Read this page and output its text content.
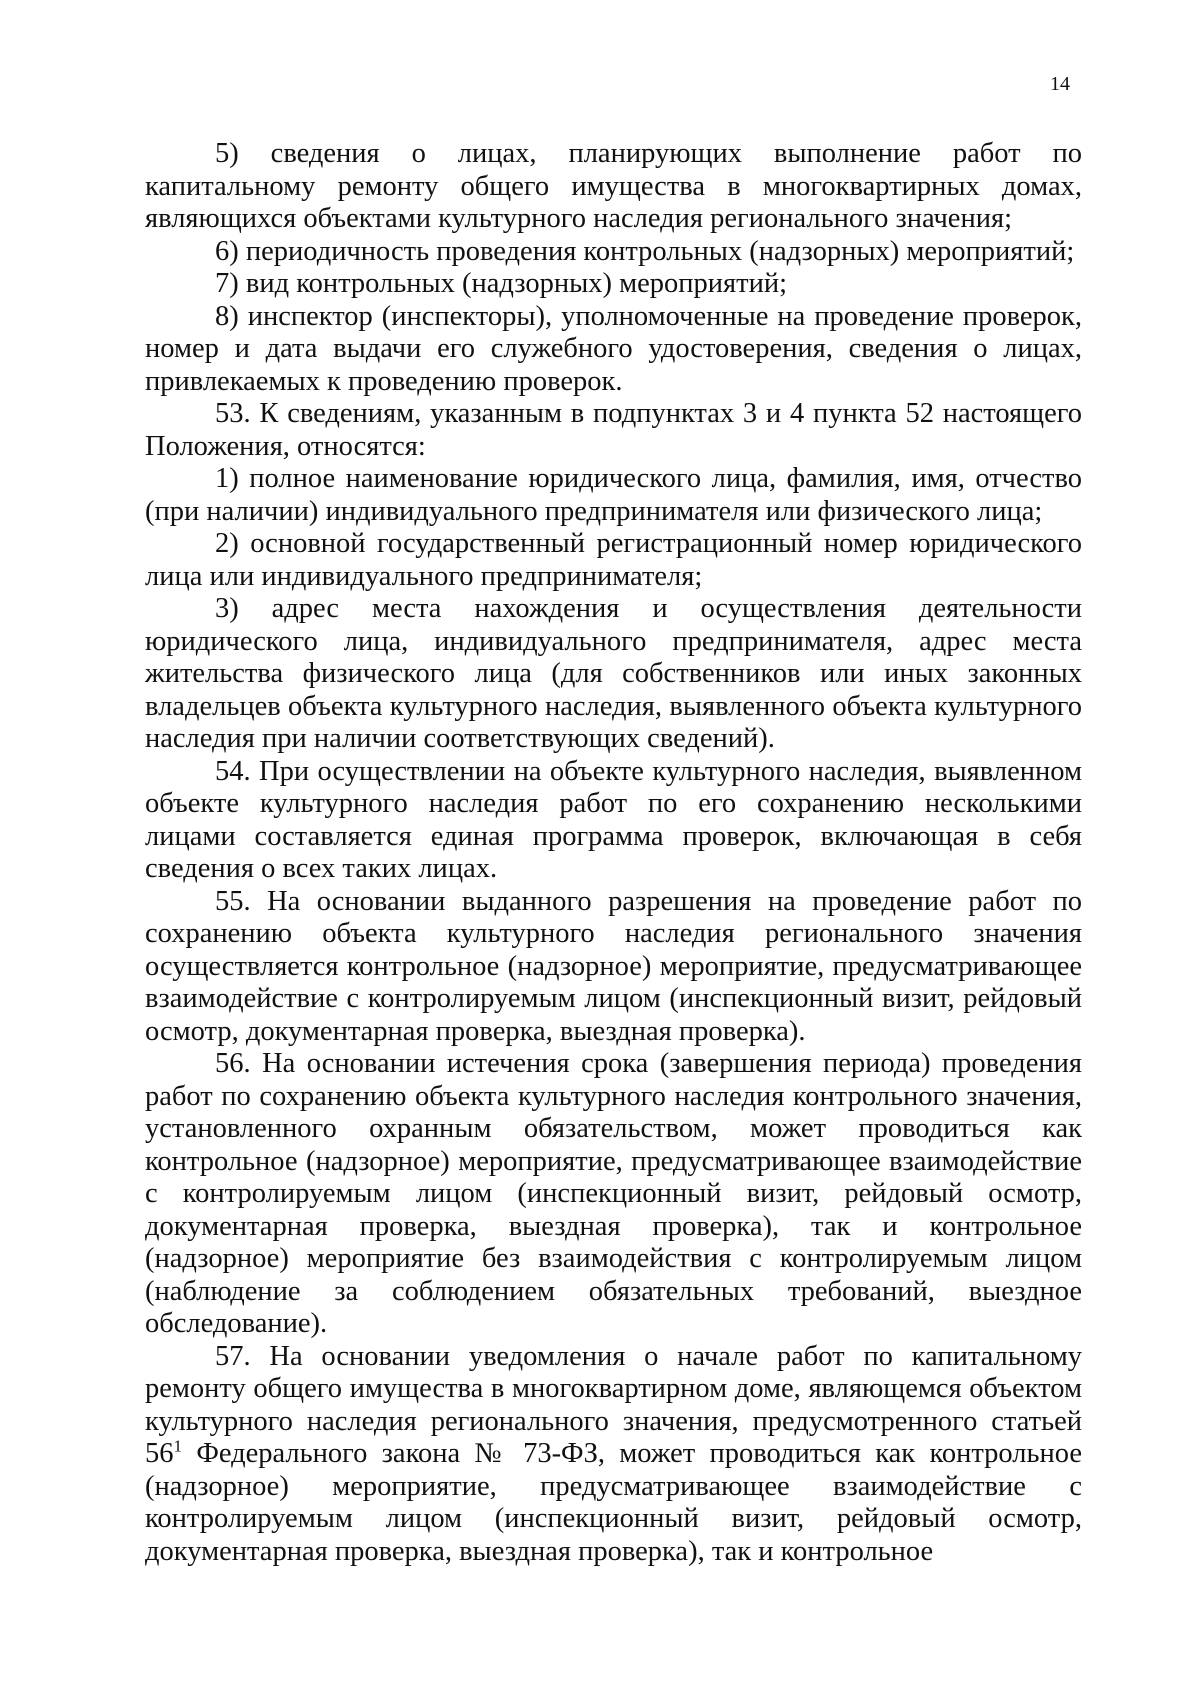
14

5) сведения о лицах, планирующих выполнение работ по капитальному ремонту общего имущества в многоквартирных домах, являющихся объектами культурного наследия регионального значения;

6) периодичность проведения контрольных (надзорных) мероприятий;

7) вид контрольных (надзорных) мероприятий;

8) инспектор (инспекторы), уполномоченные на проведение проверок, номер и дата выдачи его служебного удостоверения, сведения о лицах, привлекаемых к проведению проверок.

53. К сведениям, указанным в подпунктах 3 и 4 пункта 52 настоящего Положения, относятся:

1) полное наименование юридического лица, фамилия, имя, отчество (при наличии) индивидуального предпринимателя или физического лица;

2) основной государственный регистрационный номер юридического лица или индивидуального предпринимателя;

3) адрес места нахождения и осуществления деятельности юридического лица, индивидуального предпринимателя, адрес места жительства физического лица (для собственников или иных законных владельцев объекта культурного наследия, выявленного объекта культурного наследия при наличии соответствующих сведений).

54. При осуществлении на объекте культурного наследия, выявленном объекте культурного наследия работ по его сохранению несколькими лицами составляется единая программа проверок, включающая в себя сведения о всех таких лицах.

55. На основании выданного разрешения на проведение работ по сохранению объекта культурного наследия регионального значения осуществляется контрольное (надзорное) мероприятие, предусматривающее взаимодействие с контролируемым лицом (инспекционный визит, рейдовый осмотр, документарная проверка, выездная проверка).

56. На основании истечения срока (завершения периода) проведения работ по сохранению объекта культурного наследия контрольного значения, установленного охранным обязательством, может проводиться как контрольное (надзорное) мероприятие, предусматривающее взаимодействие с контролируемым лицом (инспекционный визит, рейдовый осмотр, документарная проверка, выездная проверка), так и контрольное (надзорное) мероприятие без взаимодействия с контролируемым лицом (наблюдение за соблюдением обязательных требований, выездное обследование).

57. На основании уведомления о начале работ по капитальному ремонту общего имущества в многоквартирном доме, являющемся объектом культурного наследия регионального значения, предусмотренного статьей $56^1$ Федерального закона № 73-ФЗ, может проводиться как контрольное (надзорное) мероприятие, предусматривающее взаимодействие с контролируемым лицом (инспекционный визит, рейдовый осмотр, документарная проверка, выездная проверка), так и контрольное
